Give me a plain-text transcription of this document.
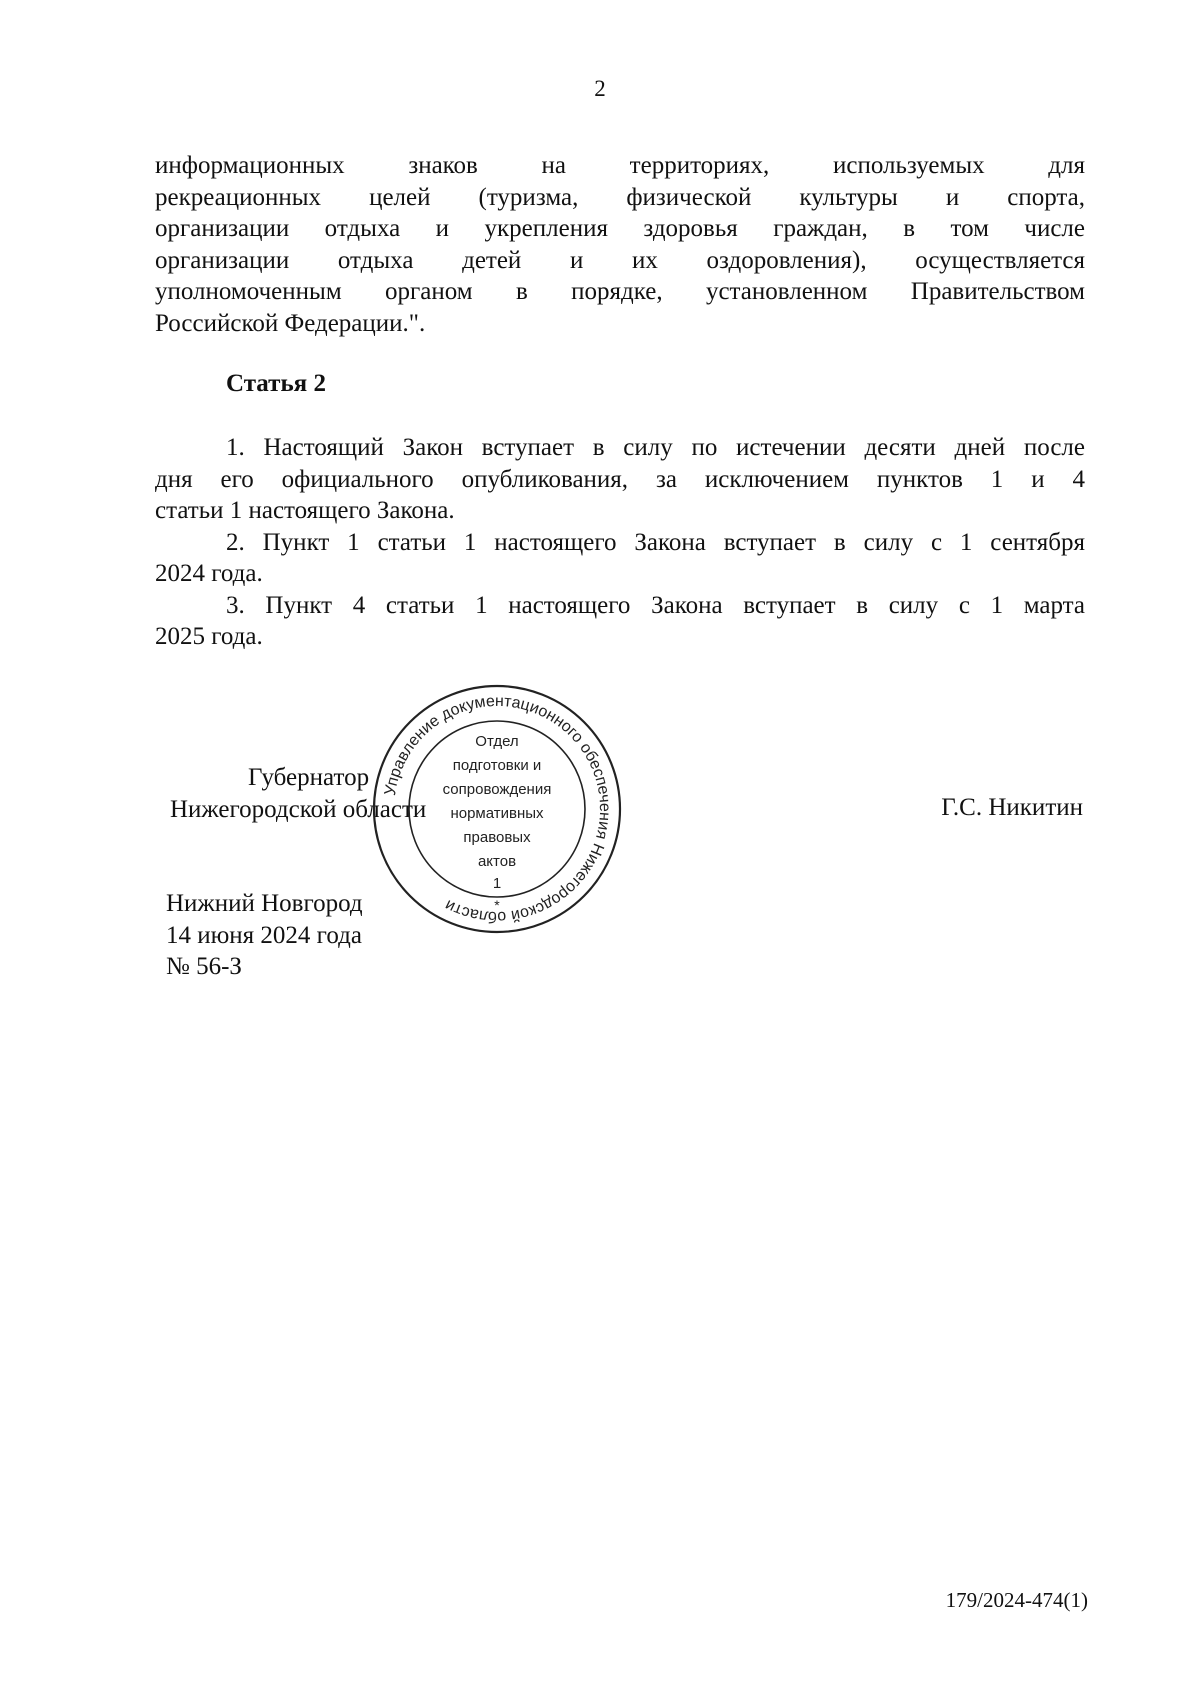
2
информационных знаков на территориях, используемых для
рекреационных целей (туризма, физической культуры и спорта,
организации отдыха и укрепления здоровья граждан, в том числе
организации отдыха детей и их оздоровления), осуществляется
уполномоченным органом в порядке, установленном Правительством
Российской Федерации.".
Статья 2
1. Настоящий Закон вступает в силу по истечении десяти дней после
дня его официального опубликования, за исключением пунктов 1 и 4
статьи 1 настоящего Закона.
2. Пункт 1 статьи 1 настоящего Закона вступает в силу с 1 сентября
2024 года.
3. Пункт 4 статьи 1 настоящего Закона вступает в силу с 1 марта
2025 года.
Губернатор
Нижегородской области	Г.С. Никитин
Нижний Новгород
14 июня 2024 года
№ 56-З
Управление документационного обеспечения Нижегородской области
Отдел
подготовки и
сопровождения
нормативных
правовых
актов
1
*
179/2024-474(1)
